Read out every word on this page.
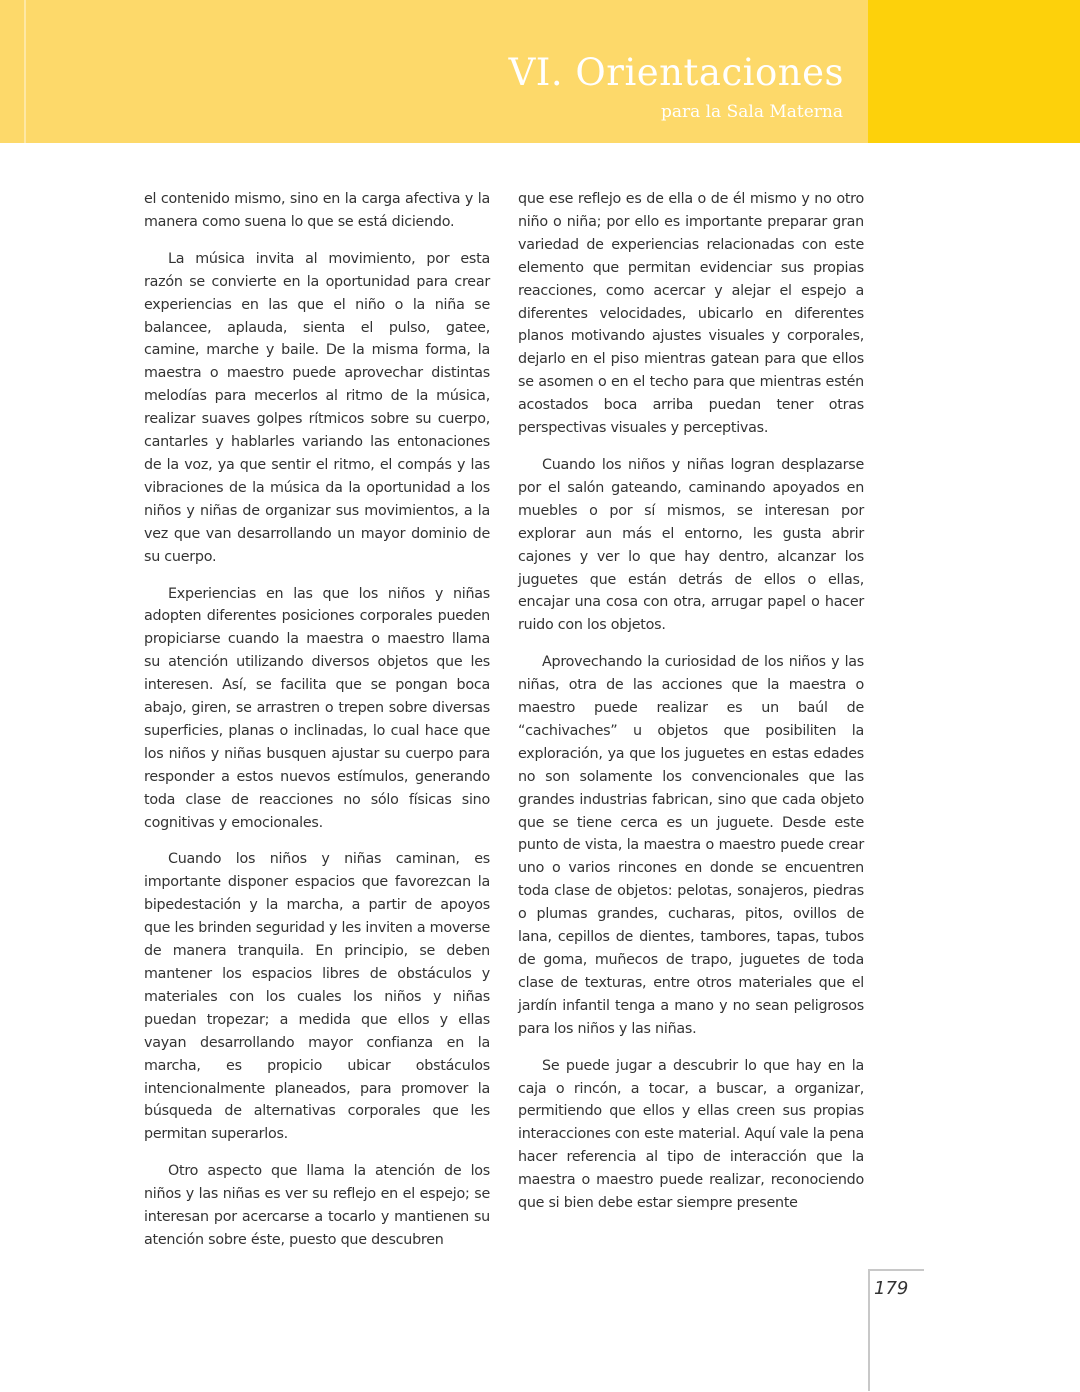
VI. Orientaciones
para la Sala Materna

el contenido mismo, sino en la carga afectiva y la manera como suena lo que se está diciendo.

La música invita al movimiento, por esta razón se convierte en la oportunidad para crear experiencias en las que el niño o la niña se balancee, aplauda, sienta el pulso, gatee, camine, marche y baile. De la misma forma, la maestra o maestro puede aprovechar distintas melodías para mecerlos al ritmo de la música, realizar suaves golpes rítmicos sobre su cuerpo, cantarles y hablarles variando las entonaciones de la voz, ya que sentir el ritmo, el compás y las vibraciones de la música da la oportunidad a los niños y niñas de organizar sus movimientos, a la vez que van desarrollando un mayor dominio de su cuerpo.

Experiencias en las que los niños y niñas adopten diferentes posiciones corporales pueden propiciarse cuando la maestra o maestro llama su atención utilizando diversos objetos que les interesen. Así, se facilita que se pongan boca abajo, giren, se arrastren o trepen sobre diversas superficies, planas o inclinadas, lo cual hace que los niños y niñas busquen ajustar su cuerpo para responder a estos nuevos estímulos, generando toda clase de reacciones no sólo físicas sino cognitivas y emocionales.

Cuando los niños y niñas caminan, es importante disponer espacios que favorezcan la bipedestación y la marcha, a partir de apoyos que les brinden seguridad y les inviten a moverse de manera tranquila. En principio, se deben mantener los espacios libres de obstáculos y materiales con los cuales los niños y niñas puedan tropezar; a medida que ellos y ellas vayan desarrollando mayor confianza en la marcha, es propicio ubicar obstáculos intencionalmente planeados, para promover la búsqueda de alternativas corporales que les permitan superarlos.

Otro aspecto que llama la atención de los niños y las niñas es ver su reflejo en el espejo; se interesan por acercarse a tocarlo y mantienen su atención sobre éste, puesto que descubren

que ese reflejo es de ella o de él mismo y no otro niño o niña; por ello es importante preparar gran variedad de experiencias relacionadas con este elemento que permitan evidenciar sus propias reacciones, como acercar y alejar el espejo a diferentes velocidades, ubicarlo en diferentes planos motivando ajustes visuales y corporales, dejarlo en el piso mientras gatean para que ellos se asomen o en el techo para que mientras estén acostados boca arriba puedan tener otras perspectivas visuales y perceptivas.

Cuando los niños y niñas logran desplazarse por el salón gateando, caminando apoyados en muebles o por sí mismos, se interesan por explorar aun más el entorno, les gusta abrir cajones y ver lo que hay dentro, alcanzar los juguetes que están detrás de ellos o ellas, encajar una cosa con otra, arrugar papel o hacer ruido con los objetos.

Aprovechando la curiosidad de los niños y las niñas, otra de las acciones que la maestra o maestro puede realizar es un baúl de “cachivaches” u objetos que posibiliten la exploración, ya que los juguetes en estas edades no son solamente los convencionales que las grandes industrias fabrican, sino que cada objeto que se tiene cerca es un juguete. Desde este punto de vista, la maestra o maestro puede crear uno o varios rincones en donde se encuentren toda clase de objetos: pelotas, sonajeros, piedras o plumas grandes, cucharas, pitos, ovillos de lana, cepillos de dientes, tambores, tapas, tubos de goma, muñecos de trapo, juguetes de toda clase de texturas, entre otros materiales que el jardín infantil tenga a mano y no sean peligrosos para los niños y las niñas.

Se puede jugar a descubrir lo que hay en la caja o rincón, a tocar, a buscar, a organizar, permitiendo que ellos y ellas creen sus propias interacciones con este material. Aquí vale la pena hacer referencia al tipo de interacción que la maestra o maestro puede realizar, reconociendo que si bien debe estar siempre presente

179
